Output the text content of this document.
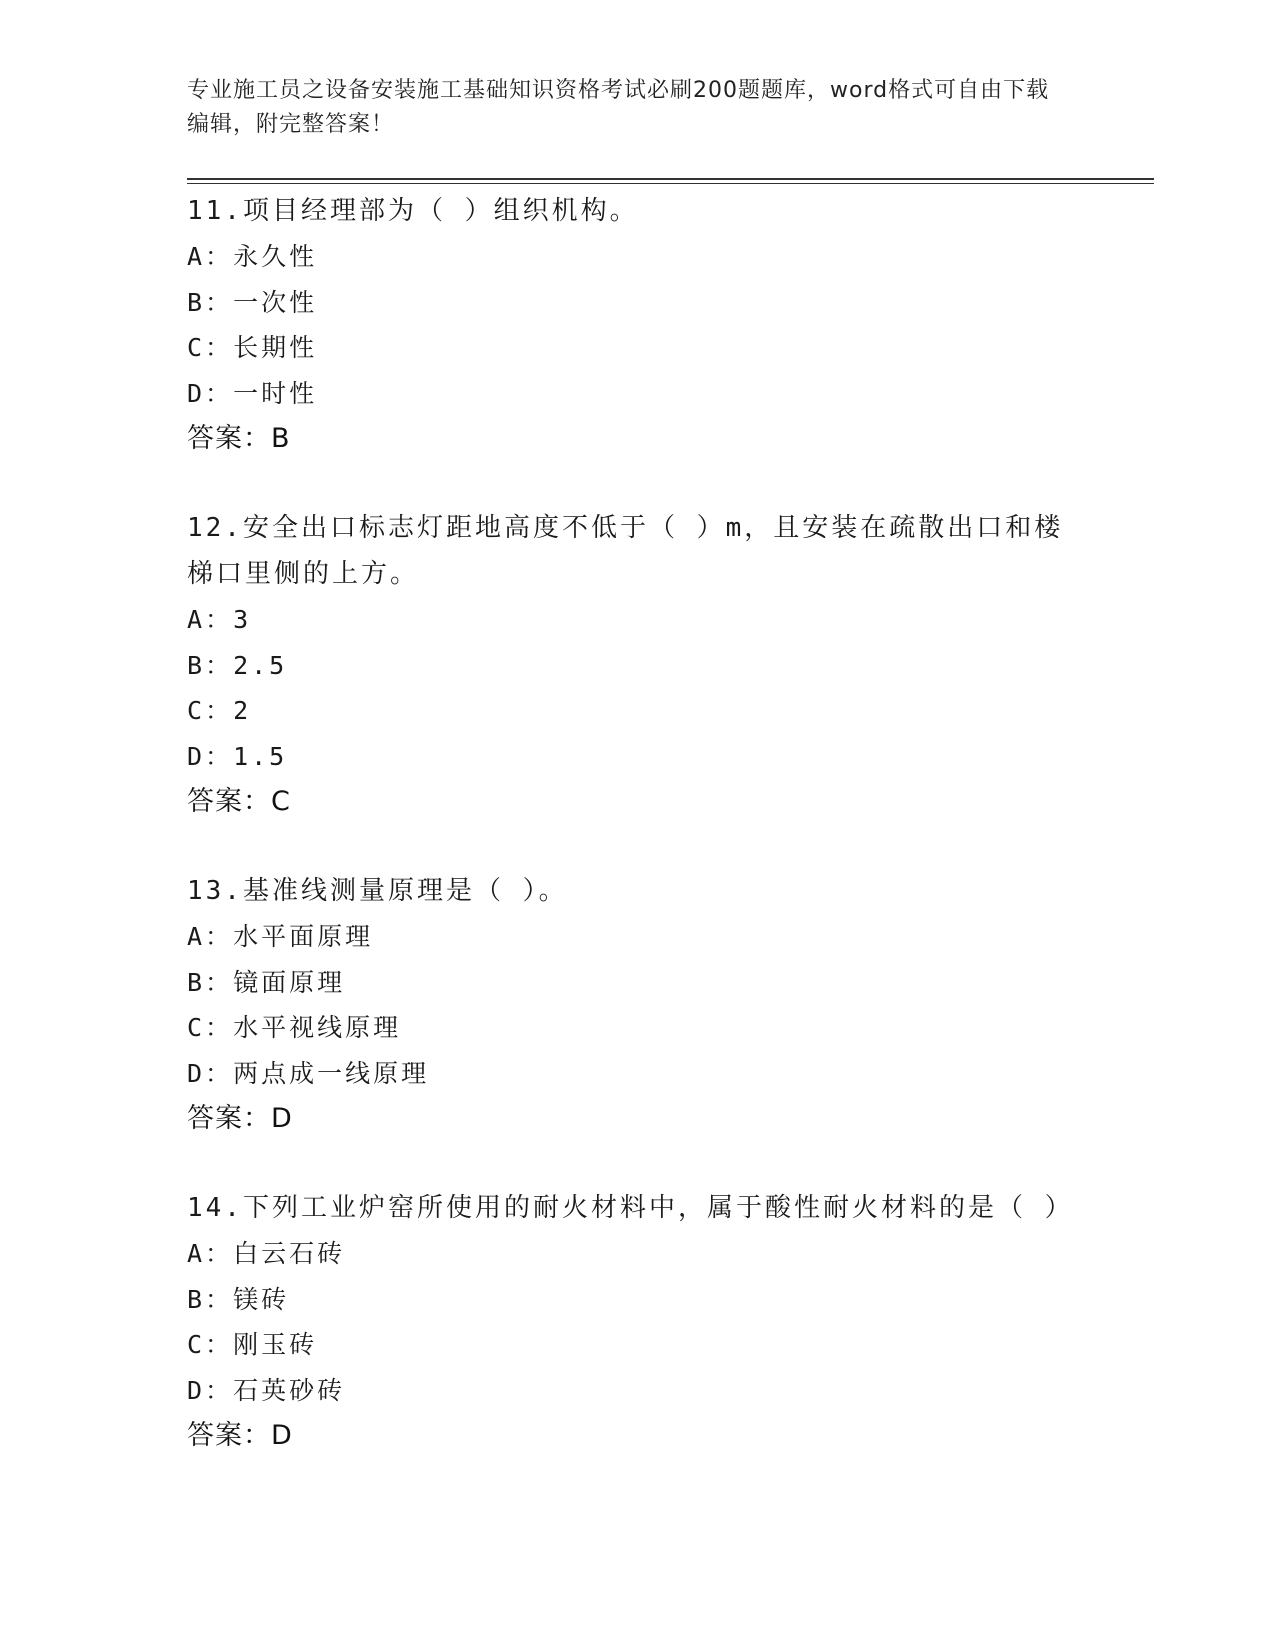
专业施工员之设备安装施工基础知识资格考试必刷200题题库，word格式可自由下载编辑，附完整答案！
11.项目经理部为（ ）组织机构。
A：永久性
B：一次性
C：长期性
D：一时性
答案：B
12.安全出口标志灯距地高度不低于（ ）m，且安装在疏散出口和楼梯口里侧的上方。
A：3
B：2.5
C：2
D：1.5
答案：C
13.基准线测量原理是（ ）。
A：水平面原理
B：镜面原理
C：水平视线原理
D：两点成一线原理
答案：D
14.下列工业炉窑所使用的耐火材料中，属于酸性耐火材料的是（ ）
A：白云石砖
B：镁砖
C：刚玉砖
D：石英砂砖
答案：D
